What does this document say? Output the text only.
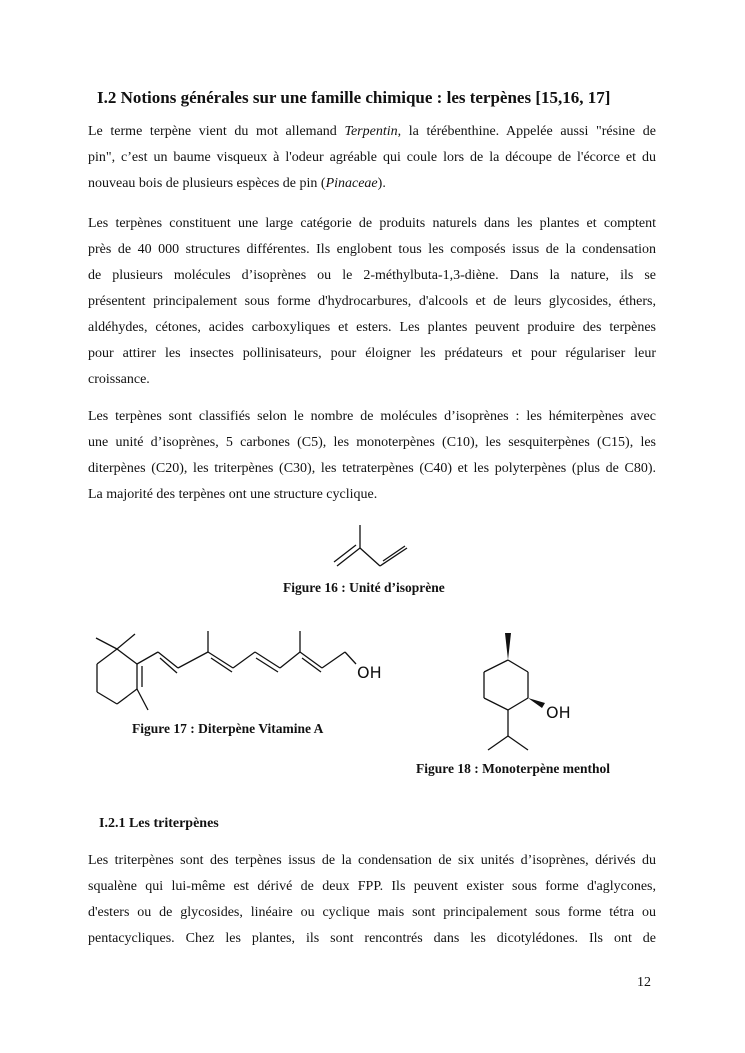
I.2 Notions générales sur une famille chimique : les terpènes [15,16, 17]
Le terme terpène vient du mot allemand Terpentin, la térébenthine. Appelée aussi "résine de
pin", c’est un baume visqueux à l'odeur agréable qui coule lors de la découpe de l'écorce et du
nouveau bois de plusieurs espèces de pin (Pinaceae).
Les terpènes constituent une large catégorie de produits naturels dans les plantes et comptent
près de 40 000 structures différentes. Ils englobent tous les composés issus de la condensation
de plusieurs molécules d’isoprènes ou le 2-méthylbuta-1,3-diène. Dans la nature, ils se
présentent principalement sous forme d'hydrocarbures, d'alcools et de leurs glycosides, éthers,
aldéhydes, cétones, acides carboxyliques et esters. Les plantes peuvent produire des terpènes
pour attirer les insectes pollinisateurs, pour éloigner les prédateurs et pour régulariser leur
croissance.
Les terpènes sont classifiés selon le nombre de molécules d’isoprènes : les hémiterpènes avec
une unité d’isoprènes, 5 carbones (C5), les monoterpènes (C10), les sesquiterpènes (C15), les
diterpènes (C20), les triterpènes (C30), les tetraterpènes (C40) et les polyterpènes (plus de C80).
La majorité des terpènes ont une structure cyclique.
Figure 16 : Unité d’isoprène
OH
Figure 17 : Diterpène Vitamine A
OH
Figure 18 : Monoterpène menthol
I.2.1 Les triterpènes
Les triterpènes sont des terpènes issus de la condensation de six unités d’isoprènes, dérivés du
squalène qui lui-même est dérivé de deux FPP. Ils peuvent exister sous forme d'aglycones,
d'esters ou de glycosides, linéaire ou cyclique mais sont principalement sous forme tétra ou
pentacycliques. Chez les plantes, ils sont rencontrés dans les dicotylédones. Ils ont de
12
